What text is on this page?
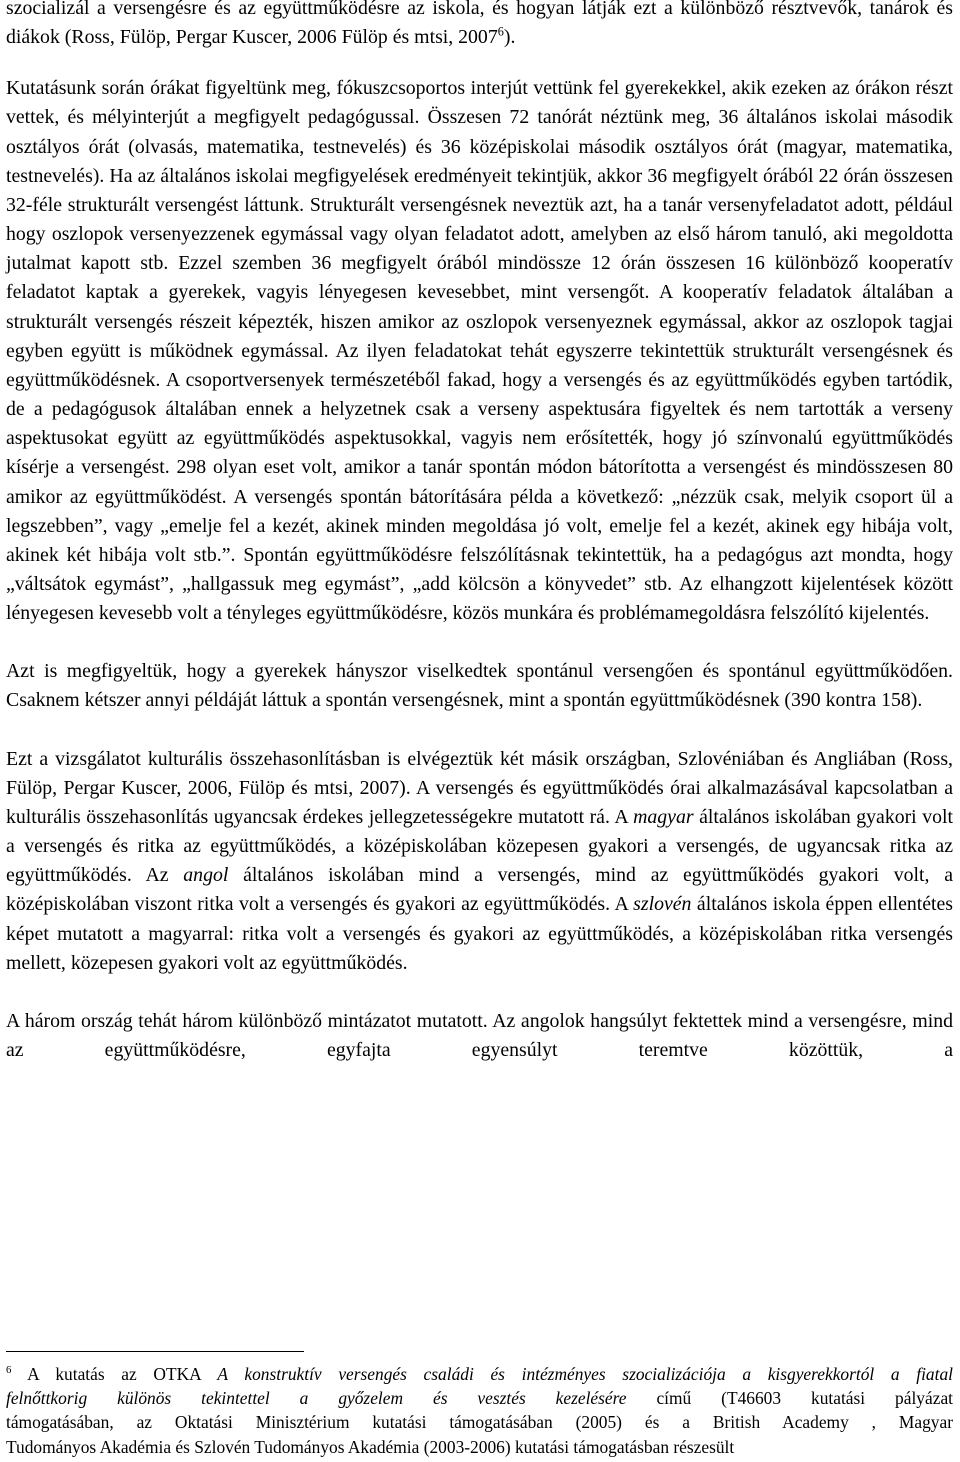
szocializál a versengésre és az együttműködésre az iskola, és hogyan látják ezt a különböző résztvevők, tanárok és diákok (Ross, Fülöp, Pergar Kuscer, 2006 Fülöp és mtsi, 2007$^6$).

Kutatásunk során órákat figyeltünk meg, fókuszcsoportos interjút vettünk fel gyerekekkel, akik ezeken az órákon részt vettek, és mélyinterjút a megfigyelt pedagógussal. Összesen 72 tanórát néztünk meg, 36 általános iskolai második osztályos órát (olvasás, matematika, testnevelés) és 36 középiskolai második osztályos órát (magyar, matematika, testnevelés). Ha az általános iskolai megfigyelések eredményeit tekintjük, akkor 36 megfigyelt órából 22 órán összesen 32-féle strukturált versengést láttunk. Strukturált versengésnek neveztük azt, ha a tanár versenyfeladatot adott, például hogy oszlopok versenyezzenek egymással vagy olyan feladatot adott, amelyben az első három tanuló, aki megoldotta jutalmat kapott stb. Ezzel szemben 36 megfigyelt órából mindössze 12 órán összesen 16 különböző kooperatív feladatot kaptak a gyerekek, vagyis lényegesen kevesebbet, mint versengőt. A kooperatív feladatok általában a strukturált versengés részeit képezték, hiszen amikor az oszlopok versenyeznek egymással, akkor az oszlopok tagjai egyben együtt is működnek egymással. Az ilyen feladatokat tehát egyszerre tekintettük strukturált versengésnek és együttműködésnek. A csoportversenyek természetéből fakad, hogy a versengés és az együttműködés egyben tartódik, de a pedagógusok általában ennek a helyzetnek csak a verseny aspektusára figyeltek és nem tartották a verseny aspektusokat együtt az együttműködés aspektusokkal, vagyis nem erősítették, hogy jó színvonalú együttműködés kísérje a versengést. 298 olyan eset volt, amikor a tanár spontán módon bátorította a versengést és mindösszesen 80 amikor az együttműködést. A versengés spontán bátorítására példa a következő: „nézzük csak, melyik csoport ül a legszebben”, vagy „emelje fel a kezét, akinek minden megoldása jó volt, emelje fel a kezét, akinek egy hibája volt, akinek két hibája volt stb.”. Spontán együttműködésre felszólításnak tekintettük, ha a pedagógus azt mondta, hogy „váltsátok egymást”, „hallgassuk meg egymást”, „add kölcsön a könyvedet” stb. Az elhangzott kijelentések között lényegesen kevesebb volt a tényleges együttműködésre, közös munkára és problémamegoldásra felszólító kijelentés.

Azt is megfigyeltük, hogy a gyerekek hányszor viselkedtek spontánul versengően és spontánul együttműködően. Csaknem kétszer annyi példáját láttuk a spontán versengésnek, mint a spontán együttműködésnek (390 kontra 158).

Ezt a vizsgálatot kulturális összehasonlításban is elvégeztük két másik országban, Szlovéniában és Angliában (Ross, Fülöp, Pergar Kuscer, 2006, Fülöp és mtsi, 2007). A versengés és együttműködés órai alkalmazásával kapcsolatban a kulturális összehasonlítás ugyancsak érdekes jellegzetességekre mutatott rá. A magyar általános iskolában gyakori volt a versengés és ritka az együttműködés, a középiskolában közepesen gyakori a versengés, de ugyancsak ritka az együttműködés. Az angol általános iskolában mind a versengés, mind az együttműködés gyakori volt, a középiskolában viszont ritka volt a versengés és gyakori az együttműködés. A szlovén általános iskola éppen ellentétes képet mutatott a magyarral: ritka volt a versengés és gyakori az együttműködés, a középiskolában ritka versengés mellett, közepesen gyakori volt az együttműködés.

A három ország tehát három különböző mintázatot mutatott. Az angolok hangsúlyt fektettek mind a versengésre, mind az együttműködésre, egyfajta egyensúlyt teremtve közöttük, a

$^6$ A kutatás az OTKA A konstruktív versengés családi és intézményes szocializációja a kisgyerekkortól a fiatal
felnőttkorig különös tekintettel a győzelem és vesztés kezelésére című (T46603 kutatási pályázat
támogatásában, az Oktatási Minisztérium kutatási támogatásában (2005) és a British Academy , Magyar
Tudományos Akadémia és Szlovén Tudományos Akadémia (2003-2006) kutatási támogatásban részesült
